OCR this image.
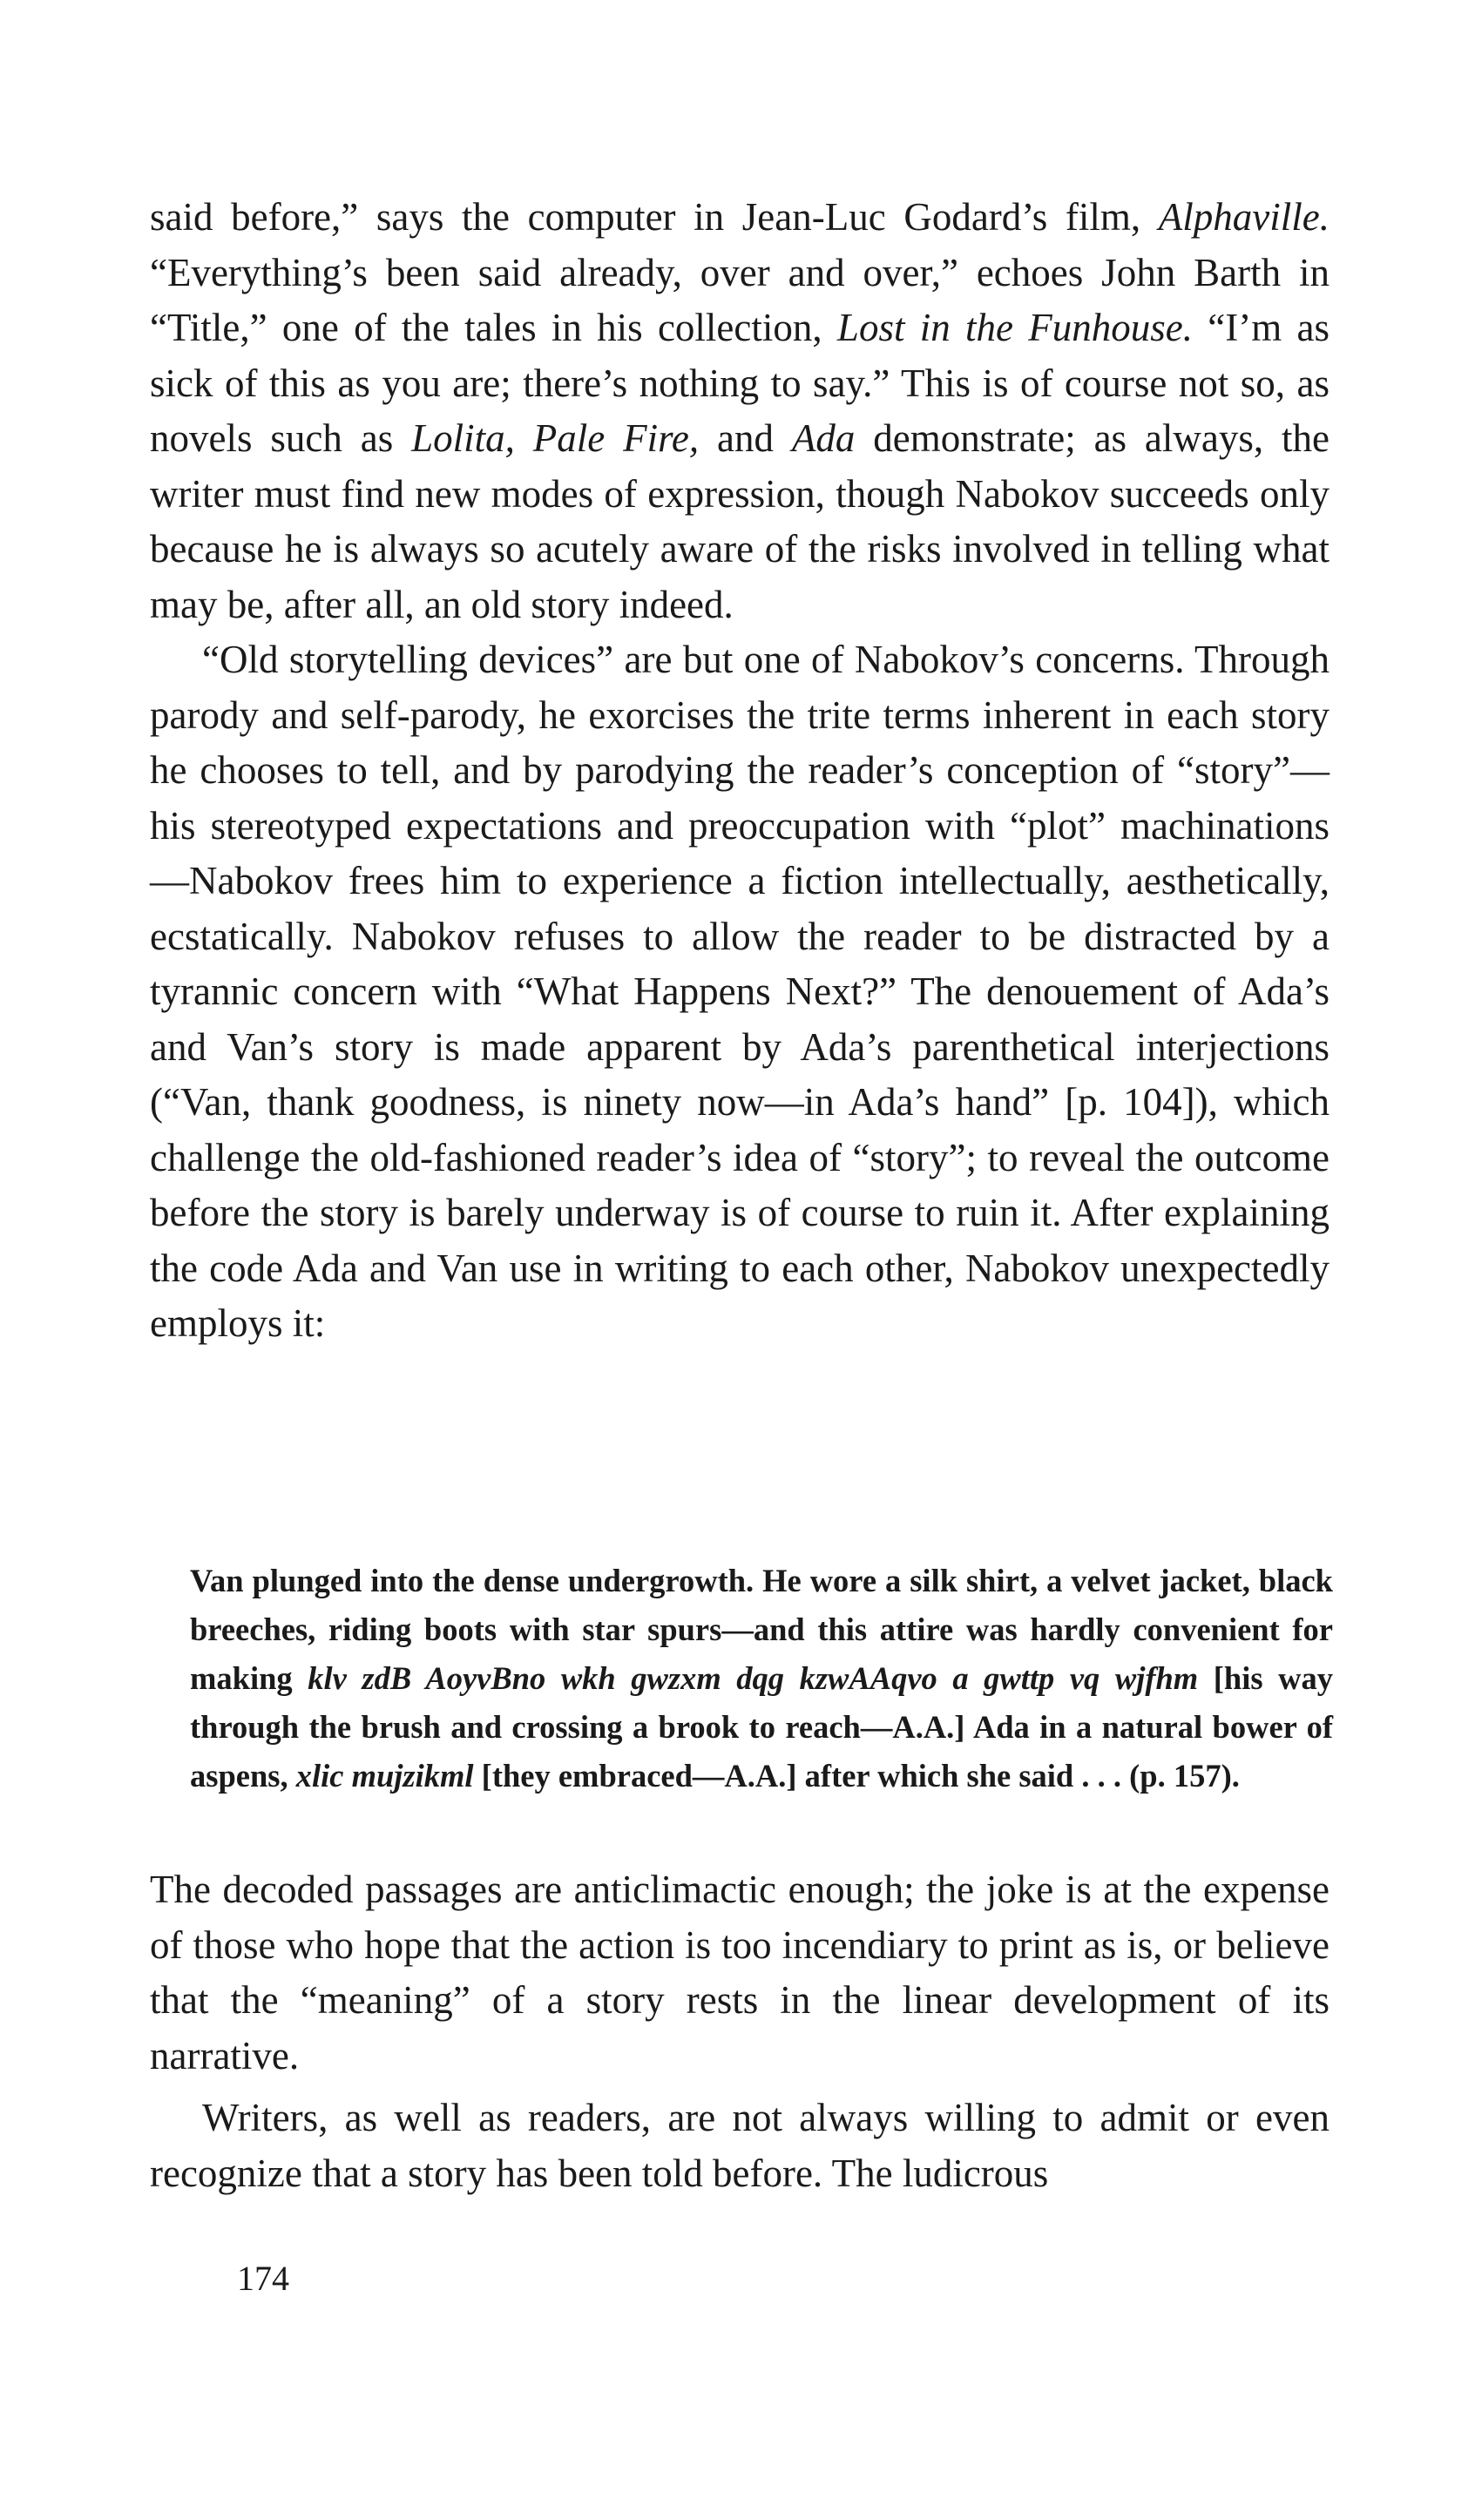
said before,” says the computer in Jean-Luc Godard’s film, Alphaville. “Everything’s been said already, over and over,” echoes John Barth in “Title,” one of the tales in his collection, Lost in the Funhouse. “I’m as sick of this as you are; there’s nothing to say.” This is of course not so, as novels such as Lolita, Pale Fire, and Ada demonstrate; as always, the writer must find new modes of expression, though Nabokov succeeds only because he is always so acutely aware of the risks involved in telling what may be, after all, an old story indeed.

“Old storytelling devices” are but one of Nabokov’s concerns. Through parody and self-parody, he exorcises the trite terms inherent in each story he chooses to tell, and by parodying the reader’s conception of “story”—his stereotyped expectations and preoccupation with “plot” machinations—Nabokov frees him to experience a fiction intellectually, aesthetically, ecstatically. Nabokov refuses to allow the reader to be distracted by a tyrannic concern with “What Happens Next?” The denouement of Ada’s and Van’s story is made apparent by Ada’s parenthetical interjections (“Van, thank goodness, is ninety now—in Ada’s hand” [p. 104]), which challenge the old-fashioned reader’s idea of “story”; to reveal the outcome before the story is barely underway is of course to ruin it. After explaining the code Ada and Van use in writing to each other, Nabokov unexpectedly employs it:

Van plunged into the dense undergrowth. He wore a silk shirt, a velvet jacket, black breeches, riding boots with star spurs—and this attire was hardly convenient for making klv zdB AoyvBno wkh gwzxm dqg kzwAAqvo a gwttp vq wjfhm [his way through the brush and crossing a brook to reach—A.A.] Ada in a natural bower of aspens, xlic mujzikml [they embraced—A.A.] after which she said . . . (p. 157).

The decoded passages are anticlimactic enough; the joke is at the expense of those who hope that the action is too incendiary to print as is, or believe that the “meaning” of a story rests in the linear development of its narrative.

Writers, as well as readers, are not always willing to admit or even recognize that a story has been told before. The ludicrous

174
